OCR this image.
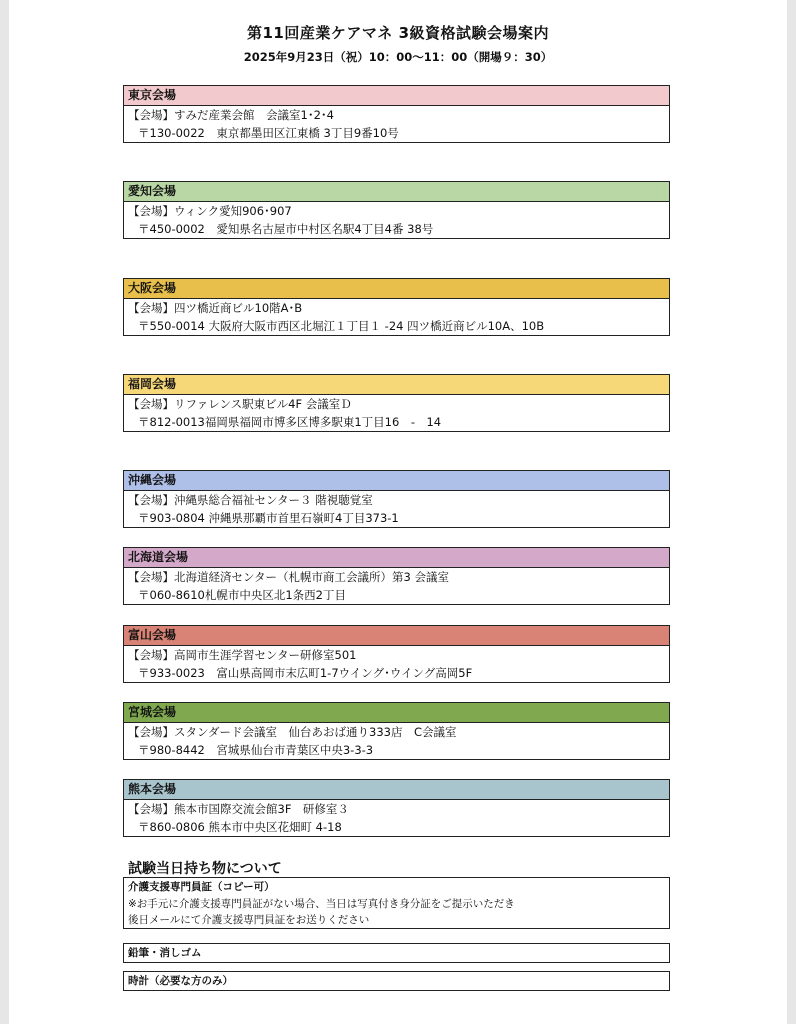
第11回産業ケアマネ 3級資格試験会場案内
2025年9月23日（祝）10：00〜11：00（開場９：30）
東京会場
【会場】すみだ産業会館　会議室1･2･4
〒130-0022　東京都墨田区江東橋 3丁目9番10号
愛知会場
【会場】ウィンク愛知906･907
〒450-0002　愛知県名古屋市中村区名駅4丁目4番 38号
大阪会場
【会場】四ツ橋近商ビル10階A･B
〒550-0014 大阪府大阪市西区北堀江１丁目１ -24 四ツ橋近商ビル10A、10B
福岡会場
【会場】リファレンス駅東ビル4F 会議室Ｄ
〒812-0013福岡県福岡市博多区博多駅東1丁目16　-　14
沖縄会場
【会場】沖縄県総合福祉センター３ 階視聴覚室
〒903-0804 沖縄県那覇市首里石嶺町4丁目373-1
北海道会場
【会場】北海道経済センター（札幌市商工会議所）第3 会議室
〒060-8610札幌市中央区北1条西2丁目
富山会場
【会場】高岡市生涯学習センター研修室501
〒933-0023　富山県高岡市末広町1-7ウイング･ウイング高岡5F
宮城会場
【会場】スタンダード会議室　仙台あおば通り333店　C会議室
〒980-8442　宮城県仙台市青葉区中央3-3-3
熊本会場
【会場】熊本市国際交流会館3F　研修室３
〒860-0806 熊本市中央区花畑町 4-18
試験当日持ち物について
介護支援専門員証（コピー可）
※お手元に介護支援専門員証がない場合、当日は写真付き身分証をご提示いただき
後日メールにて介護支援専門員証をお送りください
鉛筆・消しゴム
時計（必要な方のみ）
